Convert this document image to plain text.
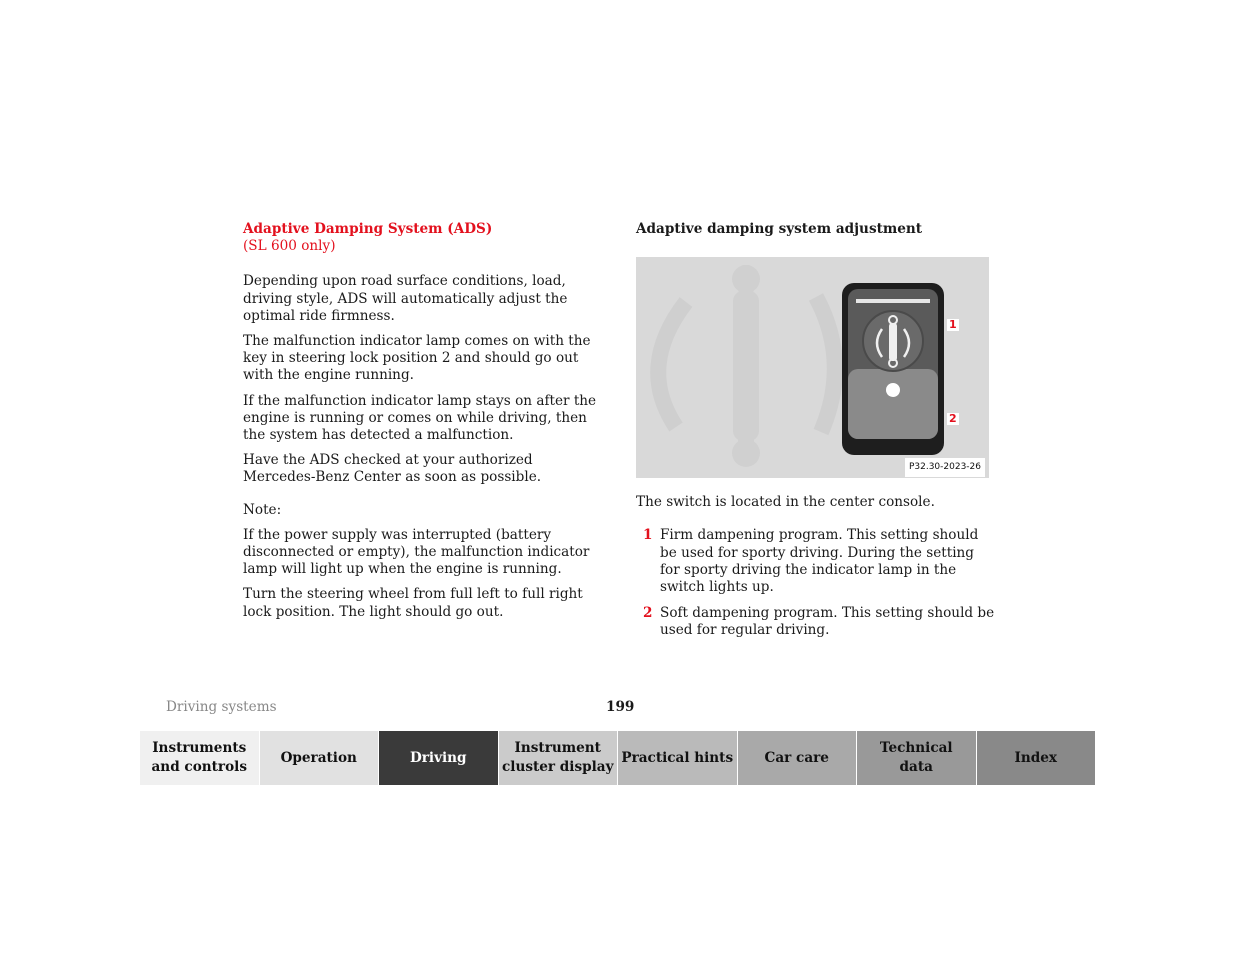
Adaptive Damping System (ADS)
(SL 600 only)

Depending upon road surface conditions, load, driving style, ADS will automatically adjust the optimal ride firmness.

The malfunction indicator lamp comes on with the key in steering lock position 2 and should go out with the engine running.

If the malfunction indicator lamp stays on after the engine is running or comes on while driving, then the system has detected a malfunction.

Have the ADS checked at your authorized Mercedes-Benz Center as soon as possible.

Note:

If the power supply was interrupted (battery disconnected or empty), the malfunction indicator lamp will light up when the engine is running.

Turn the steering wheel from full left to full right lock position. The light should go out.

Adaptive damping system adjustment
1
2
P32.30-2023-26

The switch is located in the center console.

1 Firm dampening program. This setting should be used for sporty driving. During the setting for sporty driving the indicator lamp in the switch lights up.
2 Soft dampening program. This setting should be used for regular driving.
Driving systems	199
Instruments
and controls
Operation	Driving
Instrument
cluster display
Practical hints Car care
Technical
data
Index
